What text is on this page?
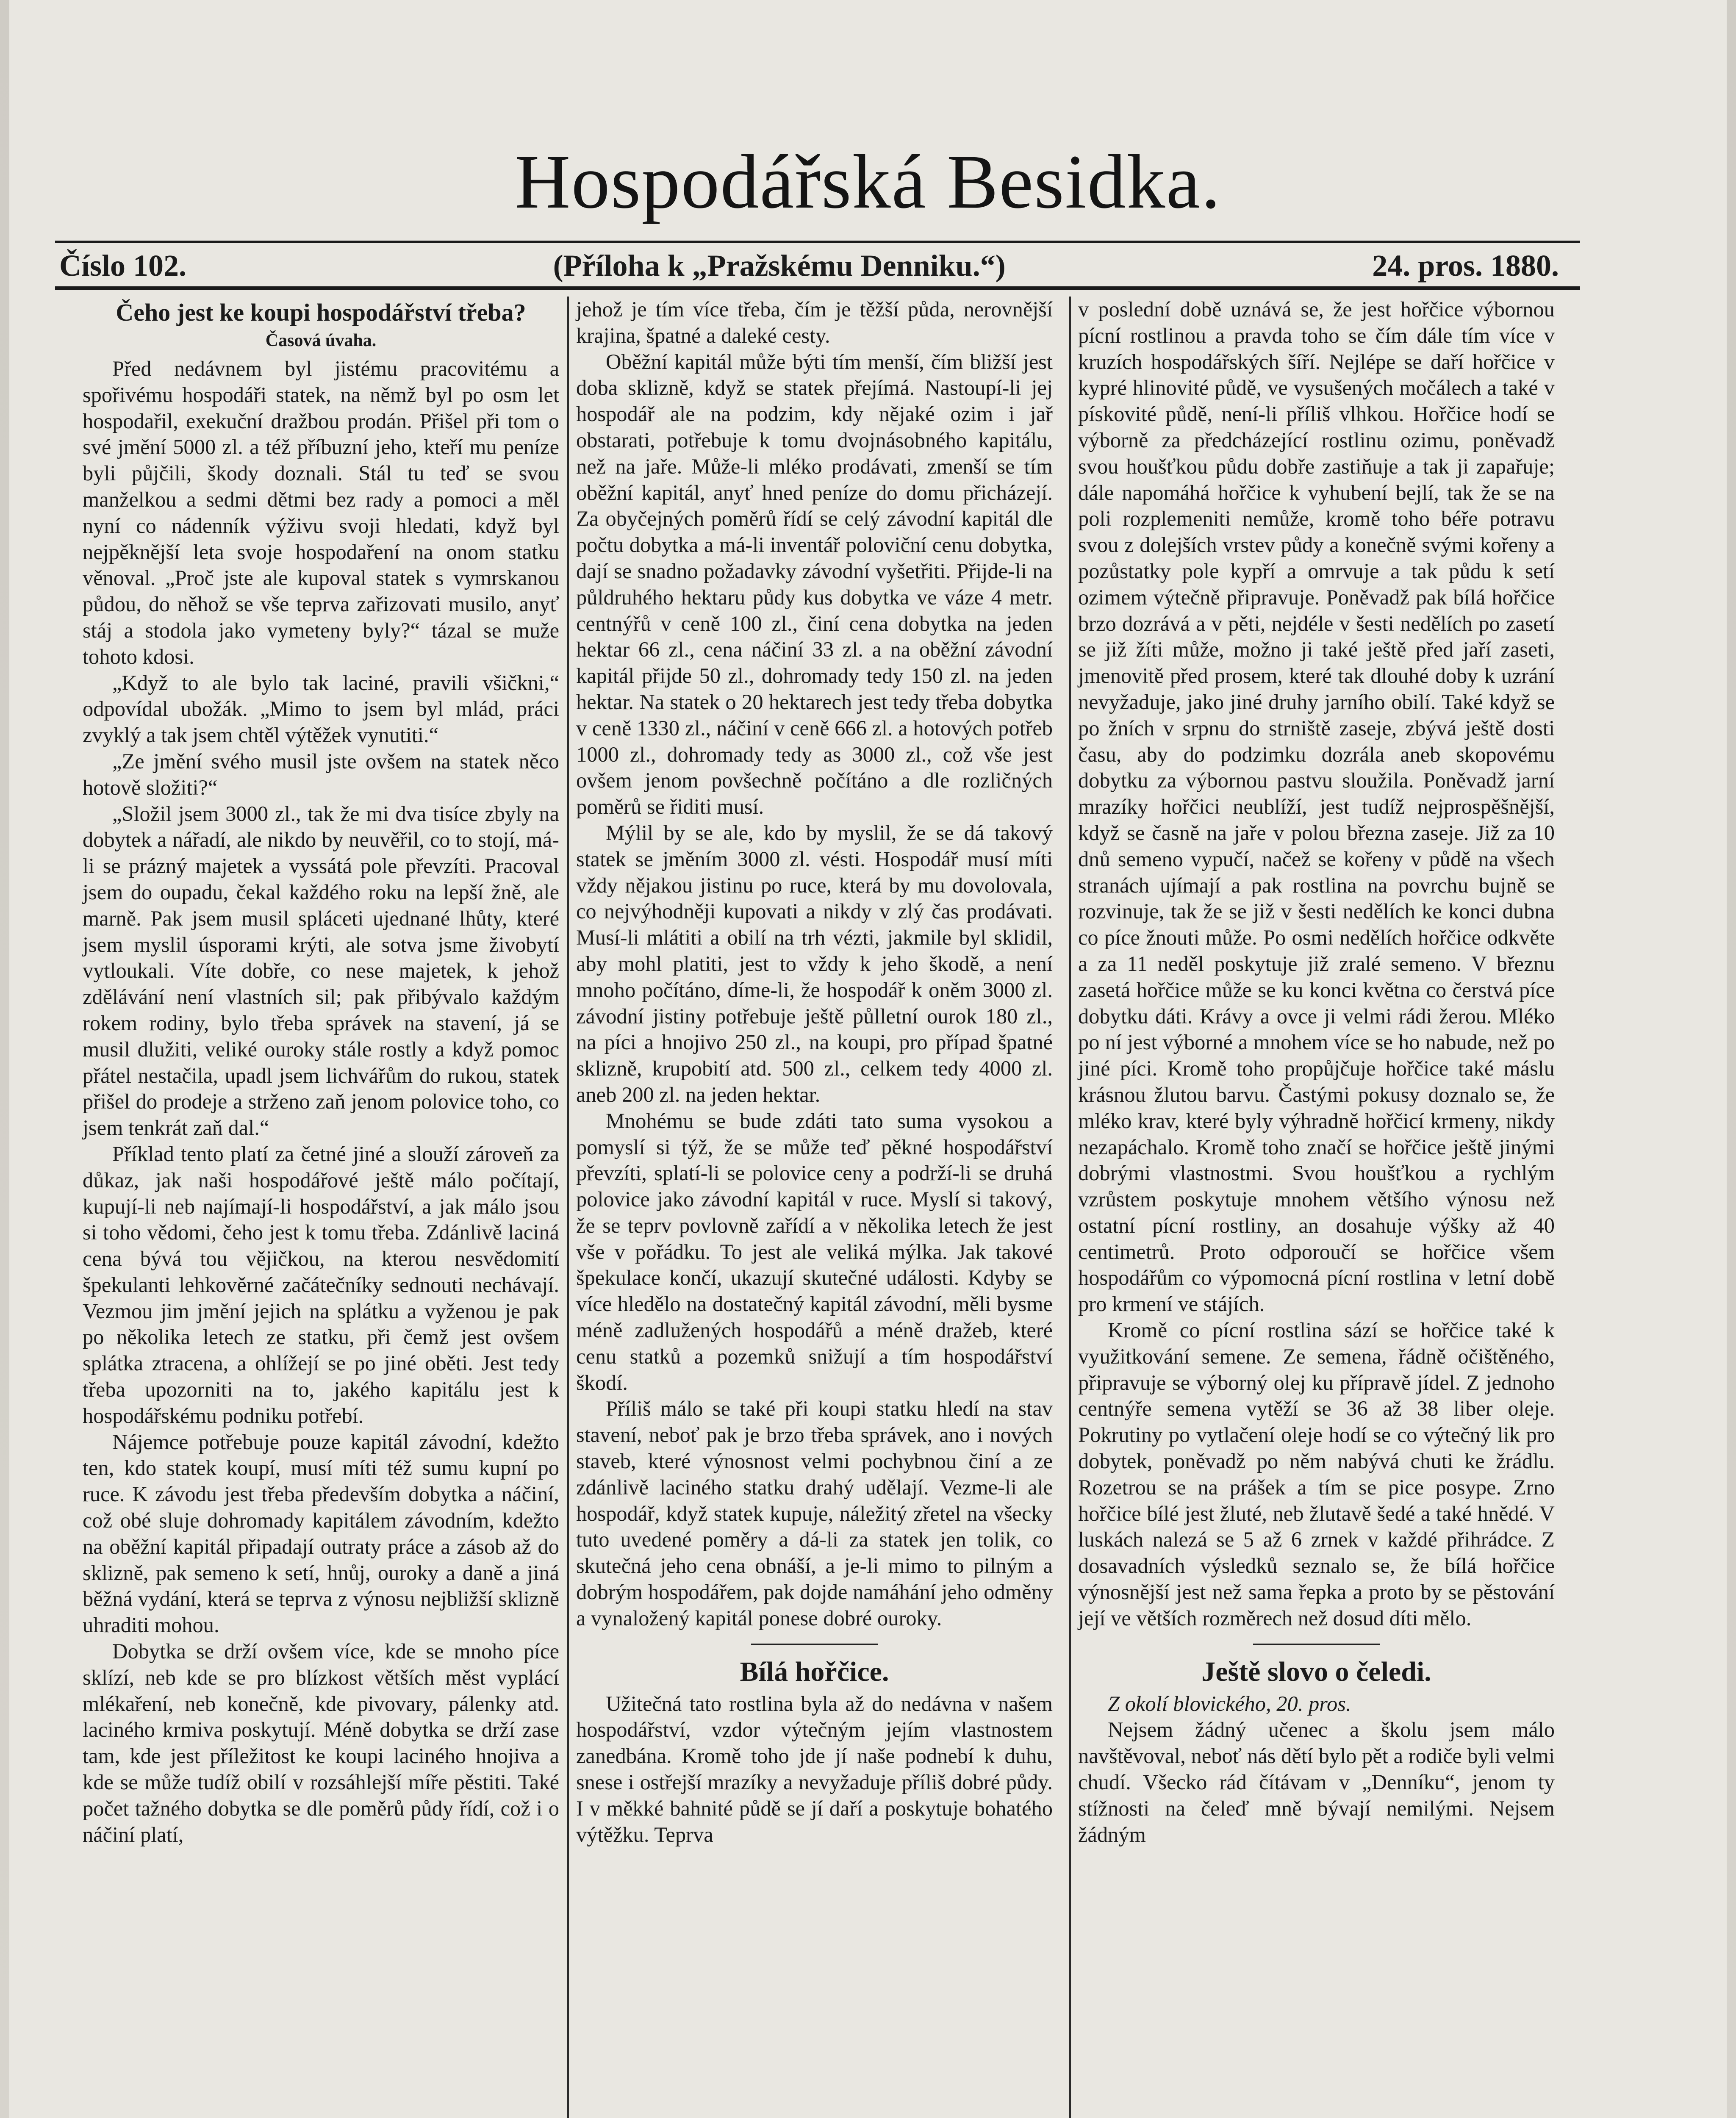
Hospodářská Besidka.
Číslo 102.	(Příloha k „Pražskému Denniku.“)	24. pros. 1880.
Čeho jest ke koupi hospodářství třeba?
Časová úvaha.

Před nedávnem byl jistému pracovitému a spořivému hospodáři statek, na němž byl po osm let hospodařil, exekuční dražbou prodán. Přišel při tom o své jmění 5000 zl. a též příbuzní jeho, kteří mu peníze byli půjčili, škody doznali. Stál tu teď se svou manželkou a sedmi dětmi bez rady a pomoci a měl nyní co nádenník výživu svoji hledati, když byl nejpěknější leta svoje hospodaření na onom statku věnoval. „Proč jste ale kupoval statek s vymrskanou půdou, do něhož se vše teprva zařizovati musilo, anyť stáj a stodola jako vymeteny byly?“ tázal se muže tohoto kdosi.

„Když to ale bylo tak laciné, pravili všičkni,“ odpovídal ubožák. „Mimo to jsem byl mlád, práci zvyklý a tak jsem chtěl výtěžek vynutiti.“

„Ze jmění svého musil jste ovšem na statek něco hotově složiti?“

„Složil jsem 3000 zl., tak že mi dva tisíce zbyly na dobytek a nářadí, ale nikdo by neuvěřil, co to stojí, má-li se prázný majetek a vyssátá pole převzíti. Pracoval jsem do oupadu, čekal každého roku na lepší žně, ale marně. Pak jsem musil spláceti ujednané lhůty, které jsem myslil úsporami krýti, ale sotva jsme živobytí vytloukali. Víte dobře, co nese majetek, k jehož zdělávání není vlastních sil; pak přibývalo každým rokem rodiny, bylo třeba správek na stavení, já se musil dlužiti, veliké ouroky stále rostly a když pomoc přátel nestačila, upadl jsem lichvářům do rukou, statek přišel do prodeje a strženo zaň jenom polovice toho, co jsem tenkrát zaň dal.“

Příklad tento platí za četné jiné a slouží zároveň za důkaz, jak naši hospodářové ještě málo počítají, kupují-li neb najímají-li hospodářství, a jak málo jsou si toho vědomi, čeho jest k tomu třeba. Zdánlivě laciná cena bývá tou vějičkou, na kterou nesvědomití špekulanti lehkověrné začátečníky sednouti nechávají. Vezmou jim jmění jejich na splátku a vyženou je pak po několika letech ze statku, při čemž jest ovšem splátka ztracena, a ohlížejí se po jiné oběti. Jest tedy třeba upozorniti na to, jakého kapitálu jest k hospodářskému podniku potřebí.

Nájemce potřebuje pouze kapitál závodní, kdežto ten, kdo statek koupí, musí míti též sumu kupní po ruce. K závodu jest třeba především dobytka a náčiní, což obé sluje dohromady kapitálem závodním, kdežto na oběžní kapitál připadají outraty práce a zásob až do sklizně, pak semeno k setí, hnůj, ouroky a daně a jiná běžná vydání, která se teprva z výnosu nejbližší sklizně uhraditi mohou.

Dobytka se drží ovšem více, kde se mnoho píce sklízí, neb kde se pro blízkost větších měst vyplácí mlékaření, neb konečně, kde pivovary, pálenky atd. laciného krmiva poskytují. Méně dobytka se drží zase tam, kde jest příležitost ke koupi laciného hnojiva a kde se může tudíž obilí v rozsáhlejší míře pěstiti. Také počet tažného dobytka se dle poměrů půdy řídí, což i o náčiní platí,

jehož je tím více třeba, čím je těžší půda, nerovnější krajina, špatné a daleké cesty.

Oběžní kapitál může býti tím menší, čím bližší jest doba sklizně, když se statek přejímá. Nastoupí-li jej hospodář ale na podzim, kdy nějaké ozim i jař obstarati, potřebuje k tomu dvojnásobného kapitálu, než na jaře. Může-li mléko prodávati, zmenší se tím oběžní kapitál, anyť hned peníze do domu přicházejí. Za obyčejných poměrů řídí se celý závodní kapitál dle počtu dobytka a má-li inventář poloviční cenu dobytka, dají se snadno požadavky závodní vyšetřiti. Přijde-li na půldruhého hektaru půdy kus dobytka ve váze 4 metr. centnýřů v ceně 100 zl., činí cena dobytka na jeden hektar 66 zl., cena náčiní 33 zl. a na oběžní závodní kapitál přijde 50 zl., dohromady tedy 150 zl. na jeden hektar. Na statek o 20 hektarech jest tedy třeba dobytka v ceně 1330 zl., náčiní v ceně 666 zl. a hotových potřeb 1000 zl., dohromady tedy as 3000 zl., což vše jest ovšem jenom povšechně počítáno a dle rozličných poměrů se řiditi musí.

Mýlil by se ale, kdo by myslil, že se dá takový statek se jměním 3000 zl. vésti. Hospodář musí míti vždy nějakou jistinu po ruce, která by mu dovolovala, co nejvýhodněji kupovati a nikdy v zlý čas prodávati. Musí-li mlátiti a obilí na trh vézti, jakmile byl sklidil, aby mohl platiti, jest to vždy k jeho škodě, a není mnoho počítáno, díme-li, že hospodář k oněm 3000 zl. závodní jistiny potřebuje ještě půlletní ourok 180 zl., na píci a hnojivo 250 zl., na koupi, pro případ špatné sklizně, krupobití atd. 500 zl., celkem tedy 4000 zl. aneb 200 zl. na jeden hektar.

Mnohému se bude zdáti tato suma vysokou a pomyslí si týž, že se může teď pěkné hospodářství převzíti, splatí-li se polovice ceny a podrží-li se druhá polovice jako závodní kapitál v ruce. Myslí si takový, že se teprv povlovně zařídí a v několika letech že jest vše v pořádku. To jest ale veliká mýlka. Jak takové špekulace končí, ukazují skutečné události. Kdyby se více hledělo na dostatečný kapitál závodní, měli bysme méně zadlužených hospodářů a méně dražeb, které cenu statků a pozemků snižují a tím hospodářství škodí.

Příliš málo se také při koupi statku hledí na stav stavení, neboť pak je brzo třeba správek, ano i nových staveb, které výnosnost velmi pochybnou činí a ze zdánlivě laciného statku drahý udělají. Vezme-li ale hospodář, když statek kupuje, náležitý zřetel na všecky tuto uvedené poměry a dá-li za statek jen tolik, co skutečná jeho cena obnáší, a je-li mimo to pilným a dobrým hospodářem, pak dojde namáhání jeho odměny a vynaložený kapitál ponese dobré ouroky.

Bílá hořčice.

Užitečná tato rostlina byla až do nedávna v našem hospodářství, vzdor výtečným jejím vlastnostem zanedbána. Kromě toho jde jí naše podnebí k duhu, snese i ostřejší mrazíky a nevyžaduje příliš dobré půdy. I v měkké bahnité půdě se jí daří a poskytuje bohatého výtěžku. Teprva

v poslední době uznává se, že jest hořčice výbornou pícní rostlinou a pravda toho se čím dále tím více v kruzích hospodářských šíří. Nejlépe se daří hořčice v kypré hlinovité půdě, ve vysušených močálech a také v pískovité půdě, není-li příliš vlhkou. Hořčice hodí se výborně za předcházející rostlinu ozimu, poněvadž svou houšťkou půdu dobře zastiňuje a tak ji zapařuje; dále napomáhá hořčice k vyhubení bejlí, tak že se na poli rozplemeniti nemůže, kromě toho béře potravu svou z dolejších vrstev půdy a konečně svými kořeny a pozůstatky pole kypří a omrvuje a tak půdu k setí ozimem výtečně připravuje. Poněvadž pak bílá hořčice brzo dozrává a v pěti, nejdéle v šesti nedělích po zasetí se již žíti může, možno ji také ještě před jaří zaseti, jmenovitě před prosem, které tak dlouhé doby k uzrání nevyžaduje, jako jiné druhy jarního obilí. Také když se po žních v srpnu do strniště zaseje, zbývá ještě dosti času, aby do podzimku dozrála aneb skopovému dobytku za výbornou pastvu sloužila. Poněvadž jarní mrazíky hořčici neublíží, jest tudíž nejprospěšnější, když se časně na jaře v polou března zaseje. Již za 10 dnů semeno vypučí, načež se kořeny v půdě na všech stranách ujímají a pak rostlina na povrchu bujně se rozvinuje, tak že se již v šesti nedělích ke konci dubna co píce žnouti může. Po osmi nedělích hořčice odkvěte a za 11 neděl poskytuje již zralé semeno. V březnu zasetá hořčice může se ku konci května co čerstvá píce dobytku dáti. Krávy a ovce ji velmi rádi žerou. Mléko po ní jest výborné a mnohem více se ho nabude, než po jiné píci. Kromě toho propůjčuje hořčice také máslu krásnou žlutou barvu. Častými pokusy doznalo se, že mléko krav, které byly výhradně hořčicí krmeny, nikdy nezapáchalo. Kromě toho značí se hořčice ještě jinými dobrými vlastnostmi. Svou houšťkou a rychlým vzrůstem poskytuje mnohem většího výnosu než ostatní pícní rostliny, an dosahuje výšky až 40 centimetrů. Proto odporoučí se hořčice všem hospodářům co výpomocná pícní rostlina v letní době pro krmení ve stájích.

Kromě co pícní rostlina sází se hořčice také k využitkování semene. Ze semena, řádně očištěného, připravuje se výborný olej ku přípravě jídel. Z jednoho centnýře semena vytěží se 36 až 38 liber oleje. Pokrutiny po vytlačení oleje hodí se co výtečný lik pro dobytek, poněvadž po něm nabývá chuti ke žrádlu. Rozetrou se na prášek a tím se pice posype. Zrno hořčice bílé jest žluté, neb žlutavě šedé a také hnědé. V luskách nalezá se 5 až 6 zrnek v každé přihrádce. Z dosavadních výsledků seznalo se, že bílá hořčice výnosnější jest než sama řepka a proto by se pěstování její ve větších rozměrech než dosud díti mělo.

Ještě slovo o čeledi.

Z okolí blovického, 20. pros.

Nejsem žádný učenec a školu jsem málo navštěvoval, neboť nás dětí bylo pět a rodiče byli velmi chudí. Všecko rád čítávam v „Denníku“, jenom ty stížnosti na čeleď mně bývají nemilými. Nejsem žádným
